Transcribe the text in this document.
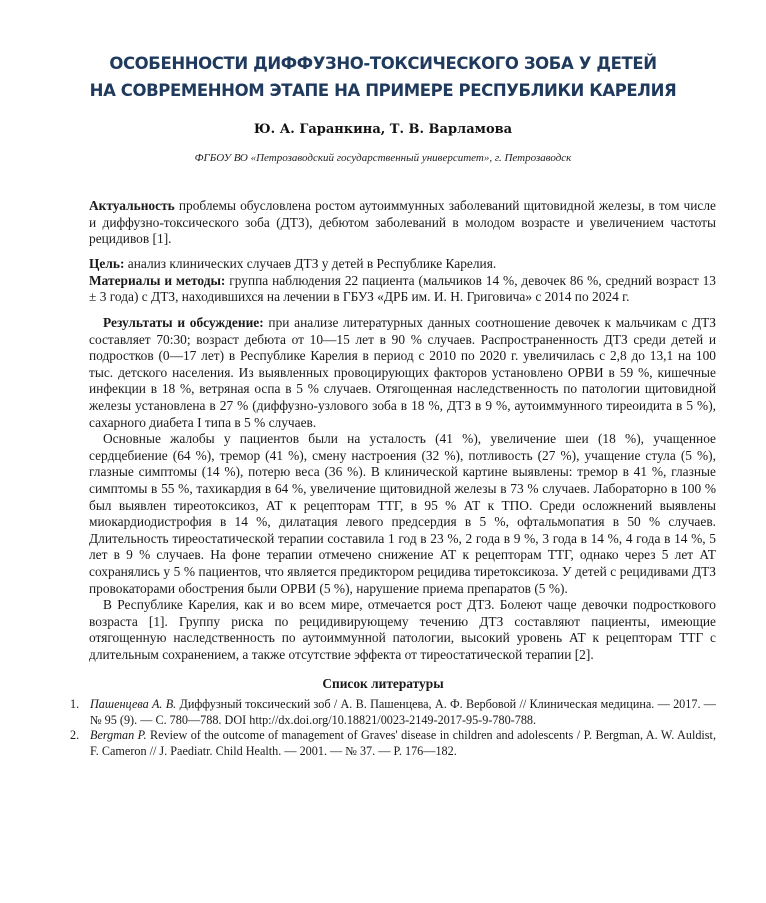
ОСОБЕННОСТИ ДИФФУЗНО-ТОКСИЧЕСКОГО ЗОБА У ДЕТЕЙ
НА СОВРЕМЕННОМ ЭТАПЕ НА ПРИМЕРЕ РЕСПУБЛИКИ КАРЕЛИЯ
Ю. А. Гаранкина, Т. В. Варламова
ФГБОУ ВО «Петрозаводский государственный университет», г. Петрозаводск

Актуальность проблемы обусловлена ростом аутоиммунных заболеваний щитовидной железы, в том числе и диффузно-токсического зоба (ДТЗ), дебютом заболеваний в молодом возрасте и увеличением частоты рецидивов [1].

Цель: анализ клинических случаев ДТЗ у детей в Республике Карелия.

Материалы и методы: группа наблюдения 22 пациента (мальчиков 14 %, девочек 86 %, средний возраст 13 ± 3 года) с ДТЗ, находившихся на лечении в ГБУЗ «ДРБ им. И. Н. Григовича» с 2014 по 2024 г.

Результаты и обсуждение: при анализе литературных данных соотношение девочек к мальчикам с ДТЗ составляет 70:30; возраст дебюта от 10—15 лет в 90 % случаев. Распространенность ДТЗ среди детей и подростков (0—17 лет) в Республике Карелия в период с 2010 по 2020 г. увеличилась с 2,8 до 13,1 на 100 тыс. детского населения. Из выявленных провоцирующих факторов установлено ОРВИ в 59 %, кишечные инфекции в 18 %, ветряная оспа в 5 % случаев. Отягощенная наследственность по патологии щитовидной железы установлена в 27 % (диффузно-узлового зоба в 18 %, ДТЗ в 9 %, аутоиммунного тиреоидита в 5 %), сахарного диабета I типа в 5 % случаев.

Основные жалобы у пациентов были на усталость (41 %), увеличение шеи (18 %), учащенное сердцебиение (64 %), тремор (41 %), смену настроения (32 %), потливость (27 %), учащение стула (5 %), глазные симптомы (14 %), потерю веса (36 %). В клинической картине выявлены: тремор в 41 %, глазные симптомы в 55 %, тахикардия в 64 %, увеличение щитовидной железы в 73 % случаев. Лабораторно в 100 % был выявлен тиреотоксикоз, АТ к рецепторам ТТГ, в 95 % АТ к ТПО. Среди осложнений выявлены миокардиодистрофия в 14 %, дилатация левого предсердия в 5 %, офтальмопатия в 50 % случаев. Длительность тиреостатической терапии составила 1 год в 23 %, 2 года в 9 %, 3 года в 14 %, 4 года в 14 %, 5 лет в 9 % случаев. На фоне терапии отмечено снижение АТ к рецепторам ТТГ, однако через 5 лет АТ сохранялись у 5 % пациентов, что является предиктором рецидива тиретоксикоза. У детей с рецидивами ДТЗ провокаторами обострения были ОРВИ (5 %), нарушение приема препаратов (5 %).

В Республике Карелия, как и во всем мире, отмечается рост ДТЗ. Болеют чаще девочки подросткового возраста [1]. Группу риска по рецидивирующему течению ДТЗ составляют пациенты, имеющие отягощенную наследственность по аутоиммунной патологии, высокий уровень АТ к рецепторам ТТГ с длительным сохранением, а также отсутствие эффекта от тиреостатической терапии [2].

Список литературы
1. Пашенцева А. В. Диффузный токсический зоб / А. В. Пашенцева, А. Ф. Вербовой // Клиническая медицина. — 2017. — № 95 (9). — С. 780—788. DOI http://dx.doi.org/10.18821/0023-2149-2017-95-9-780-788.
2. Bergman P. Review of the outcome of management of Graves' disease in children and adolescents / P. Bergman, A. W. Auldist, F. Cameron // J. Paediatr. Child Health. — 2001. — № 37. — P. 176—182.
